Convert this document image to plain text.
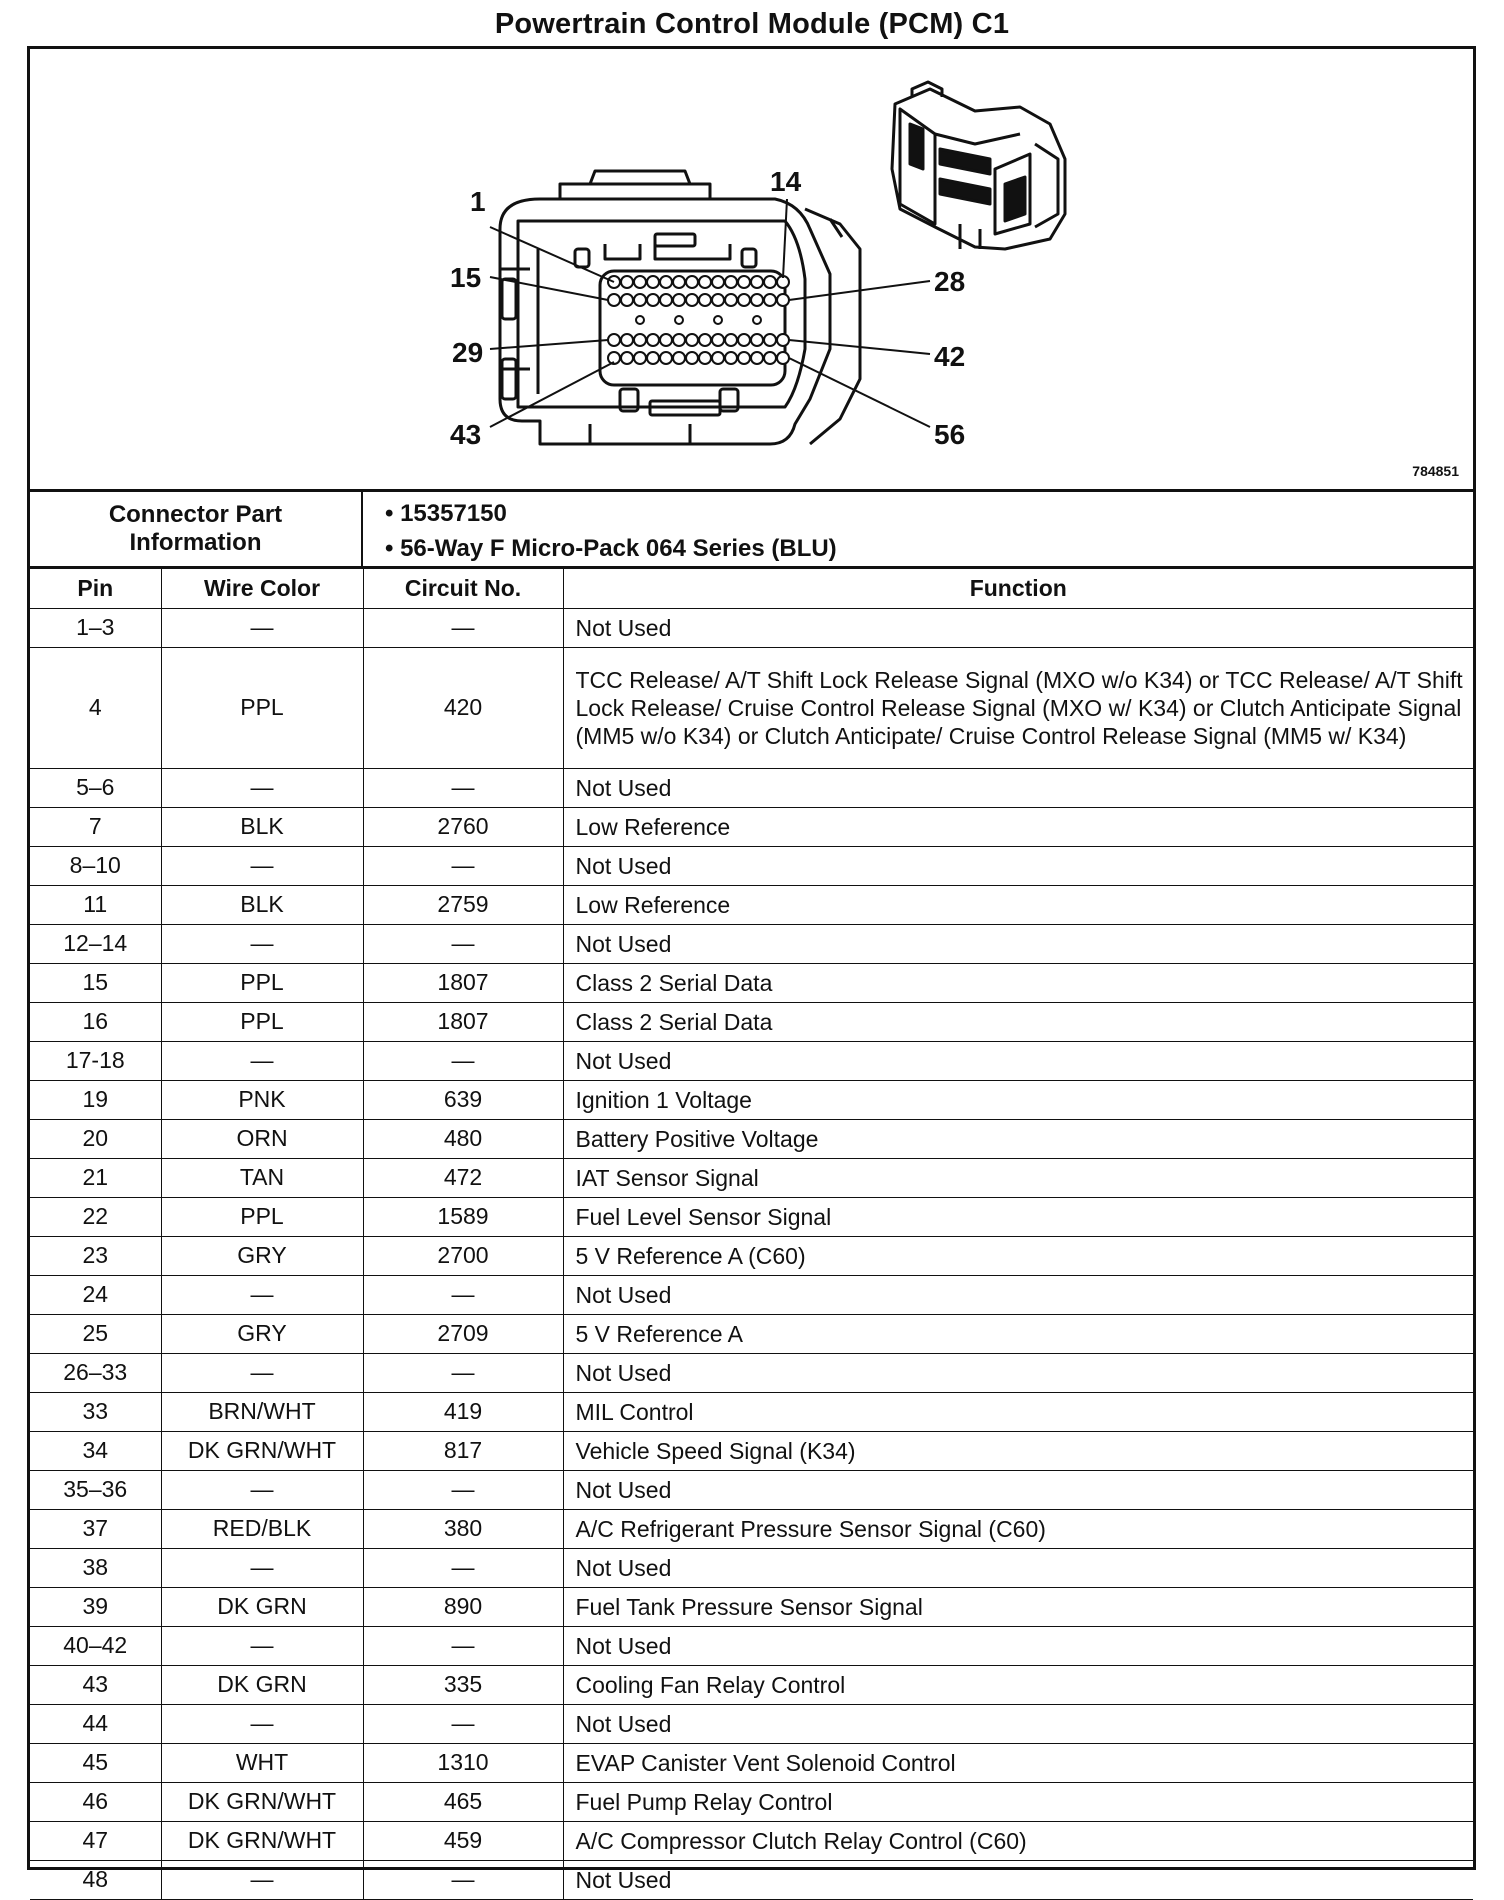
Powertrain Control Module (PCM) C1
1
14
15	28
29	42
43	56
784851
Connector Part Information
• 15357150
• 56-Way F Micro-Pack 064 Series (BLU)
Pin	Wire Color	Circuit No.	Function
1–3	—	—	Not Used
4	PPL	420	TCC Release/ A/T Shift Lock Release Signal (MXO w/o K34) or TCC Release/ A/T Shift Lock Release/ Cruise Control Release Signal (MXO w/ K34) or Clutch Anticipate Signal (MM5 w/o K34) or Clutch Anticipate/ Cruise Control Release Signal (MM5 w/ K34)
5–6	—	—	Not Used
7	BLK	2760	Low Reference
8–10	—	—	Not Used
11	BLK	2759	Low Reference
12–14	—	—	Not Used
15	PPL	1807	Class 2 Serial Data
16	PPL	1807	Class 2 Serial Data
17-18	—	—	Not Used
19	PNK	639	Ignition 1 Voltage
20	ORN	480	Battery Positive Voltage
21	TAN	472	IAT Sensor Signal
22	PPL	1589	Fuel Level Sensor Signal
23	GRY	2700	5 V Reference A (C60)
24	—	—	Not Used
25	GRY	2709	5 V Reference A
26–33	—	—	Not Used
33	BRN/WHT	419	MIL Control
34	DK GRN/WHT	817	Vehicle Speed Signal (K34)
35–36	—	—	Not Used
37	RED/BLK	380	A/C Refrigerant Pressure Sensor Signal (C60)
38	—	—	Not Used
39	DK GRN	890	Fuel Tank Pressure Sensor Signal
40–42	—	—	Not Used
43	DK GRN	335	Cooling Fan Relay Control
44	—	—	Not Used
45	WHT	1310	EVAP Canister Vent Solenoid Control
46	DK GRN/WHT	465	Fuel Pump Relay Control
47	DK GRN/WHT	459	A/C Compressor Clutch Relay Control (C60)
48	—	—	Not Used
